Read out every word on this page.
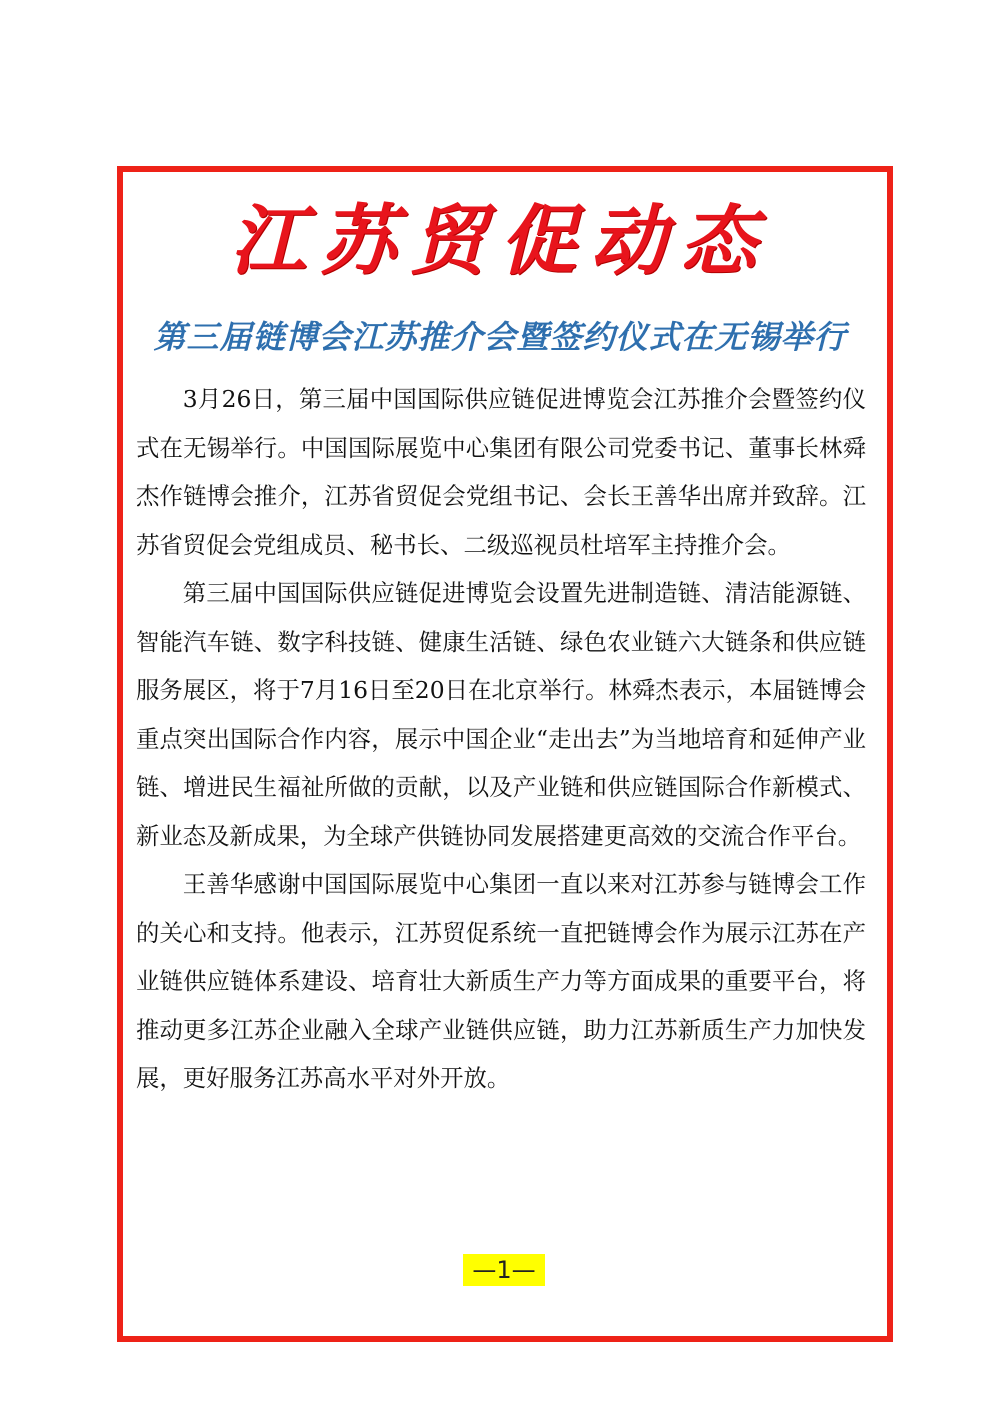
江苏贸促动态
第三届链博会江苏推介会暨签约仪式在无锡举行

3月26日，第三届中国国际供应链促进博览会江苏推介会暨签约仪式在无锡举行。中国国际展览中心集团有限公司党委书记、董事长林舜杰作链博会推介，江苏省贸促会党组书记、会长王善华出席并致辞。江苏省贸促会党组成员、秘书长、二级巡视员杜培军主持推介会。

第三届中国国际供应链促进博览会设置先进制造链、清洁能源链、智能汽车链、数字科技链、健康生活链、绿色农业链六大链条和供应链服务展区，将于7月16日至20日在北京举行。林舜杰表示，本届链博会重点突出国际合作内容，展示中国企业“走出去”为当地培育和延伸产业链、增进民生福祉所做的贡献，以及产业链和供应链国际合作新模式、新业态及新成果，为全球产供链协同发展搭建更高效的交流合作平台。

王善华感谢中国国际展览中心集团一直以来对江苏参与链博会工作的关心和支持。他表示，江苏贸促系统一直把链博会作为展示江苏在产业链供应链体系建设、培育壮大新质生产力等方面成果的重要平台，将推动更多江苏企业融入全球产业链供应链，助力江苏新质生产力加快发展，更好服务江苏高水平对外开放。

—1—
